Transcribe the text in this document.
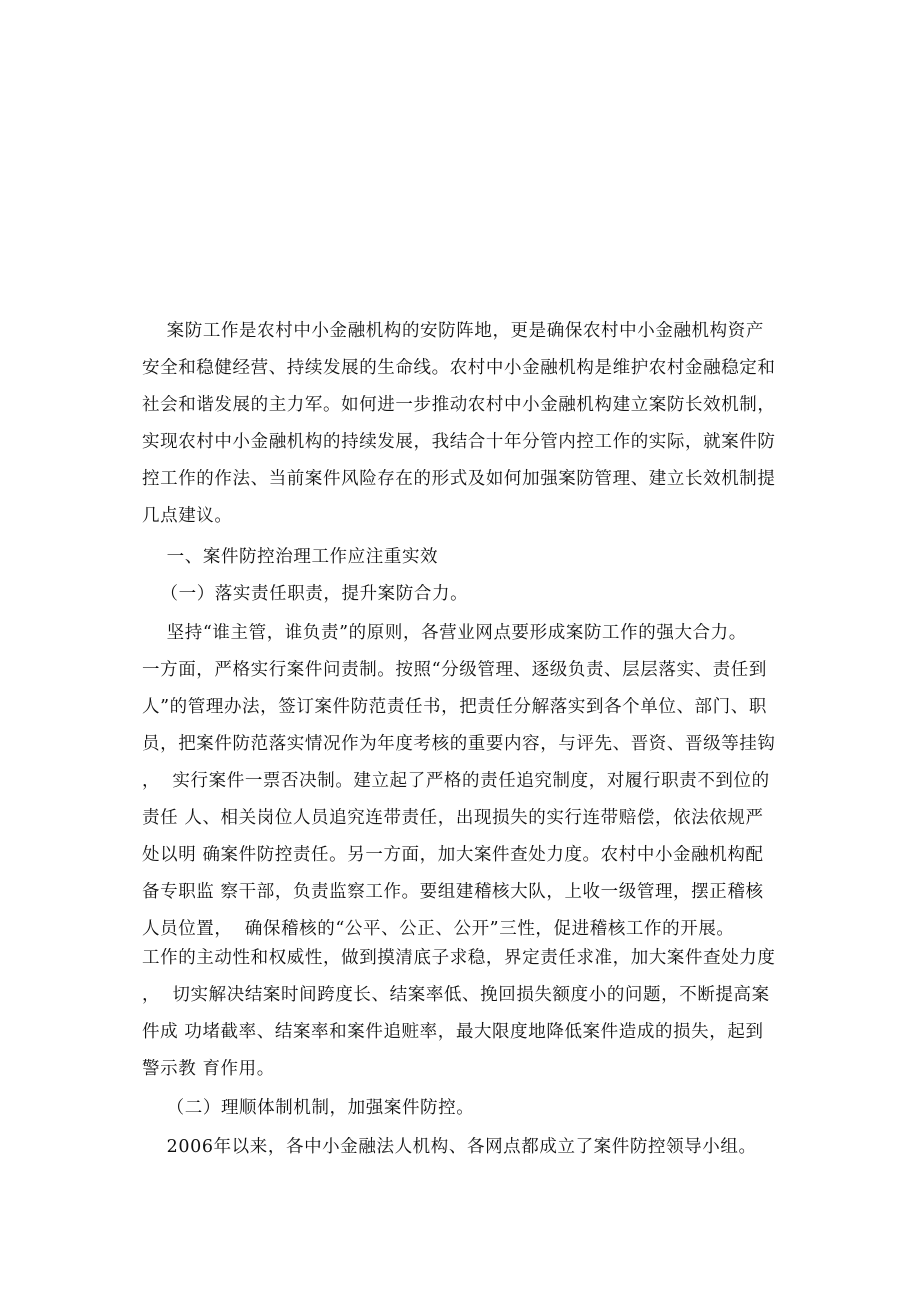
案防工作是农村中小金融机构的安防阵地，更是确保农村中小金融机构资产
安全和稳健经营、持续发展的生命线。农村中小金融机构是维护农村金融稳定和
社会和谐发展的主力军。如何进一步推动农村中小金融机构建立案防长效机制，
实现农村中小金融机构的持续发展，我结合十年分管内控工作的实际，就案件防
控工作的作法、当前案件风险存在的形式及如何加强案防管理、建立长效机制提
几点建议。
一、案件防控治理工作应注重实效
（一）落实责任职责，提升案防合力。
坚持“谁主管，谁负责”的原则，各营业网点要形成案防工作的强大合力。
一方面，严格实行案件问责制。按照“分级管理、逐级负责、层层落实、责任到
人”的管理办法，签订案件防范责任书，把责任分解落实到各个单位、部门、职
员，把案件防范落实情况作为年度考核的重要内容，与评先、晋资、晋级等挂钩
，  实行案件一票否决制。建立起了严格的责任追究制度，对履行职责不到位的
责任 人、相关岗位人员追究连带责任，出现损失的实行连带赔偿，依法依规严
处以明 确案件防控责任。另一方面，加大案件查处力度。农村中小金融机构配
备专职监 察干部，负责监察工作。要组建稽核大队，上收一级管理，摆正稽核
人员位置，  确保稽核的“公平、公正、公开”三性，促进稽核工作的开展。
工作的主动性和权威性，做到摸清底子求稳，界定责任求准，加大案件查处力度
，  切实解决结案时间跨度长、结案率低、挽回损失额度小的问题，不断提高案
件成 功堵截率、结案率和案件追赃率，最大限度地降低案件造成的损失，起到
警示教 育作用。
（二）理顺体制机制，加强案件防控。
2006年以来，各中小金融法人机构、各网点都成立了案件防控领导小组。
